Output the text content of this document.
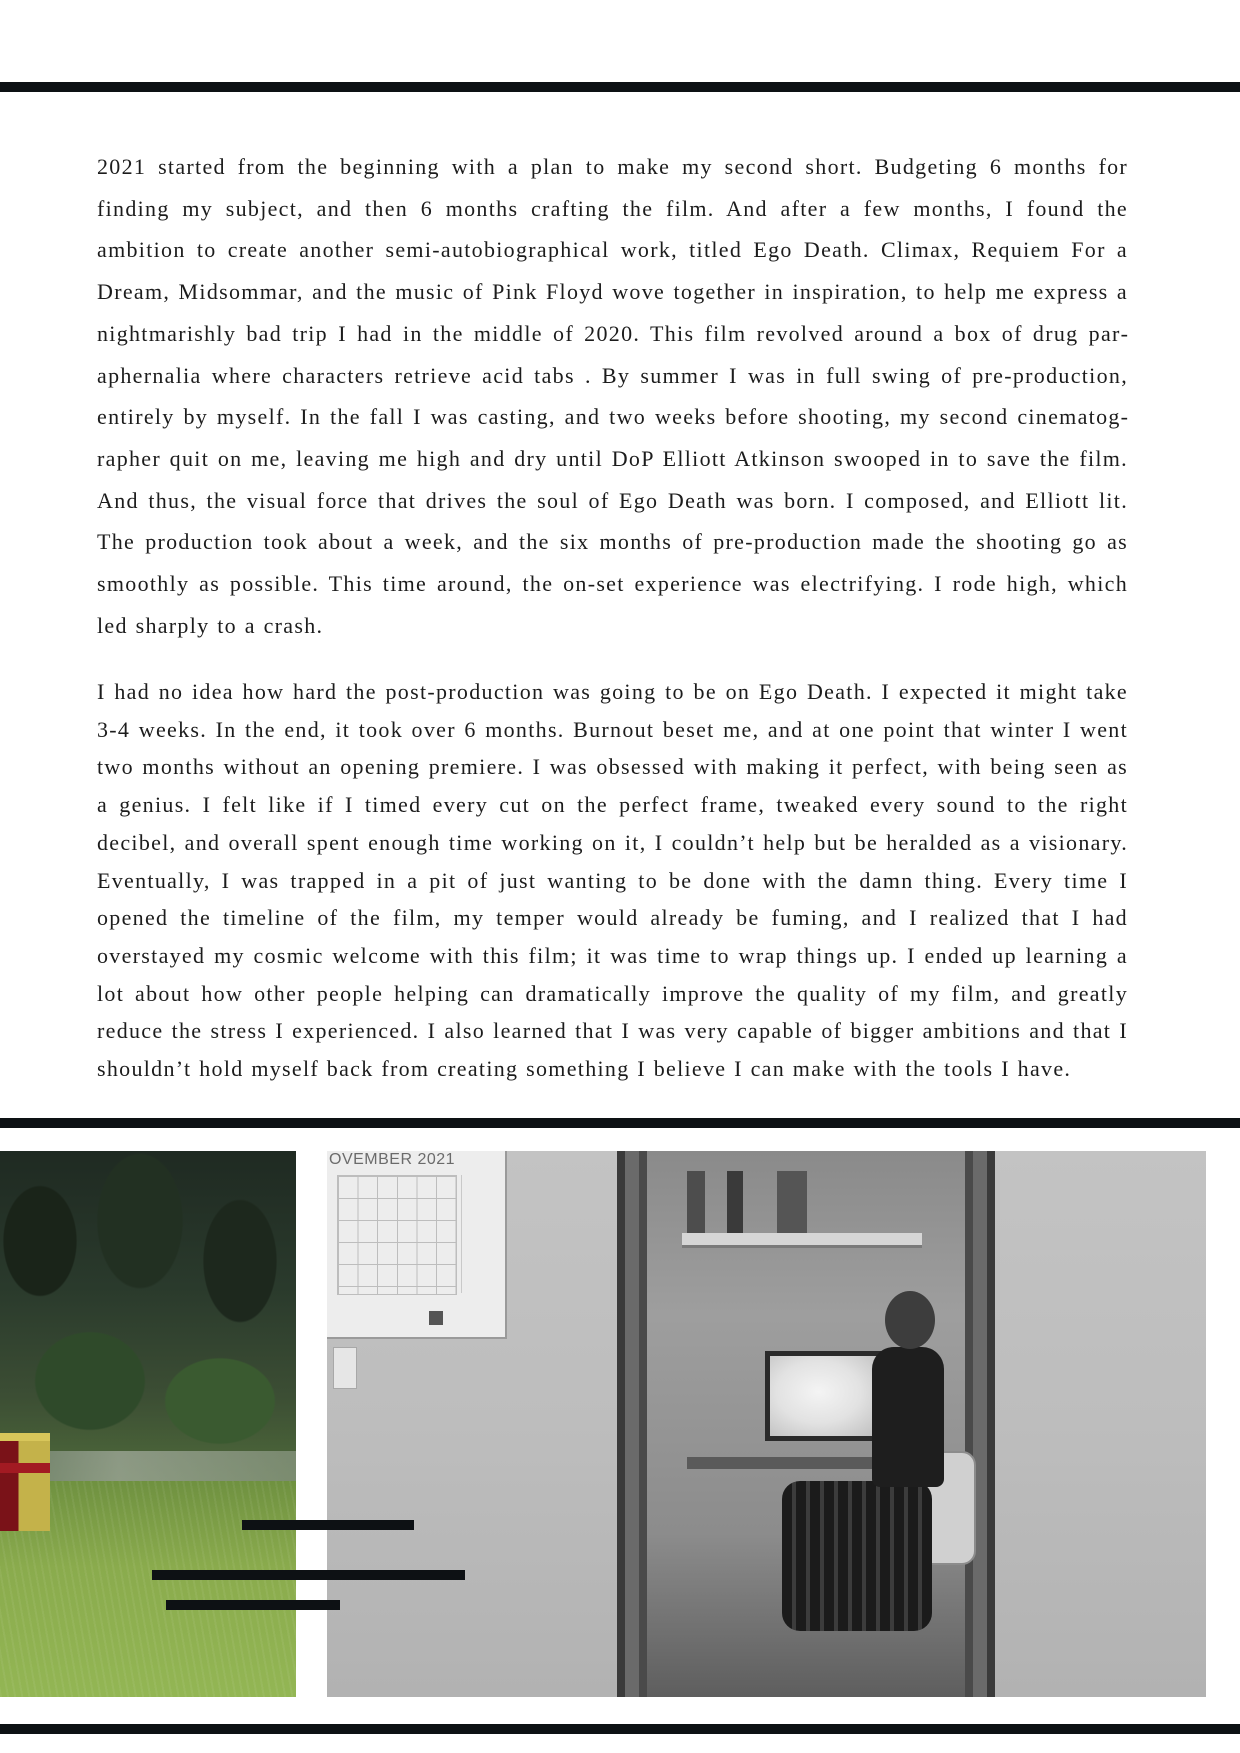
2021 started from the beginning with a plan to make my second short. Budgeting 6 months for finding my subject, and then 6 months crafting the film. And after a few months, I found the ambition to create another semi-autobiographical work, titled Ego Death. Climax, Requiem For a Dream, Midsommar, and the music of Pink Floyd wove together in inspiration, to help me express a nightmarishly bad trip I had in the middle of 2020. This film revolved around a box of drug paraphernalia where characters retrieve acid tabs . By summer I was in full swing of pre-production, entirely by myself. In the fall I was casting, and two weeks before shooting, my second cinematographer quit on me, leaving me high and dry until DoP Elliott Atkinson swooped in to save the film. And thus, the visual force that drives the soul of Ego Death was born. I composed, and Elliott lit. The production took about a week, and the six months of pre-production made the shooting go as smoothly as possible. This time around, the on-set experience was electrifying. I rode high, which led sharply to a crash.

I had no idea how hard the post-production was going to be on Ego Death. I expected it might take 3-4 weeks. In the end, it took over 6 months. Burnout beset me, and at one point that winter I went two months without an opening premiere. I was obsessed with making it perfect, with being seen as a genius. I felt like if I timed every cut on the perfect frame, tweaked every sound to the right decibel, and overall spent enough time working on it, I couldn’t help but be heralded as a visionary. Eventually, I was trapped in a pit of just wanting to be done with the damn thing. Every time I opened the timeline of the film, my temper would already be fuming, and I realized that I had overstayed my cosmic welcome with this film; it was time to wrap things up. I ended up learning a lot about how other people helping can dramatically improve the quality of my film, and greatly reduce the stress I experienced. I also learned that I was very capable of bigger ambitions and that I shouldn’t hold myself back from creating something I believe I can make with the tools I have.

OVEMBER 2021
